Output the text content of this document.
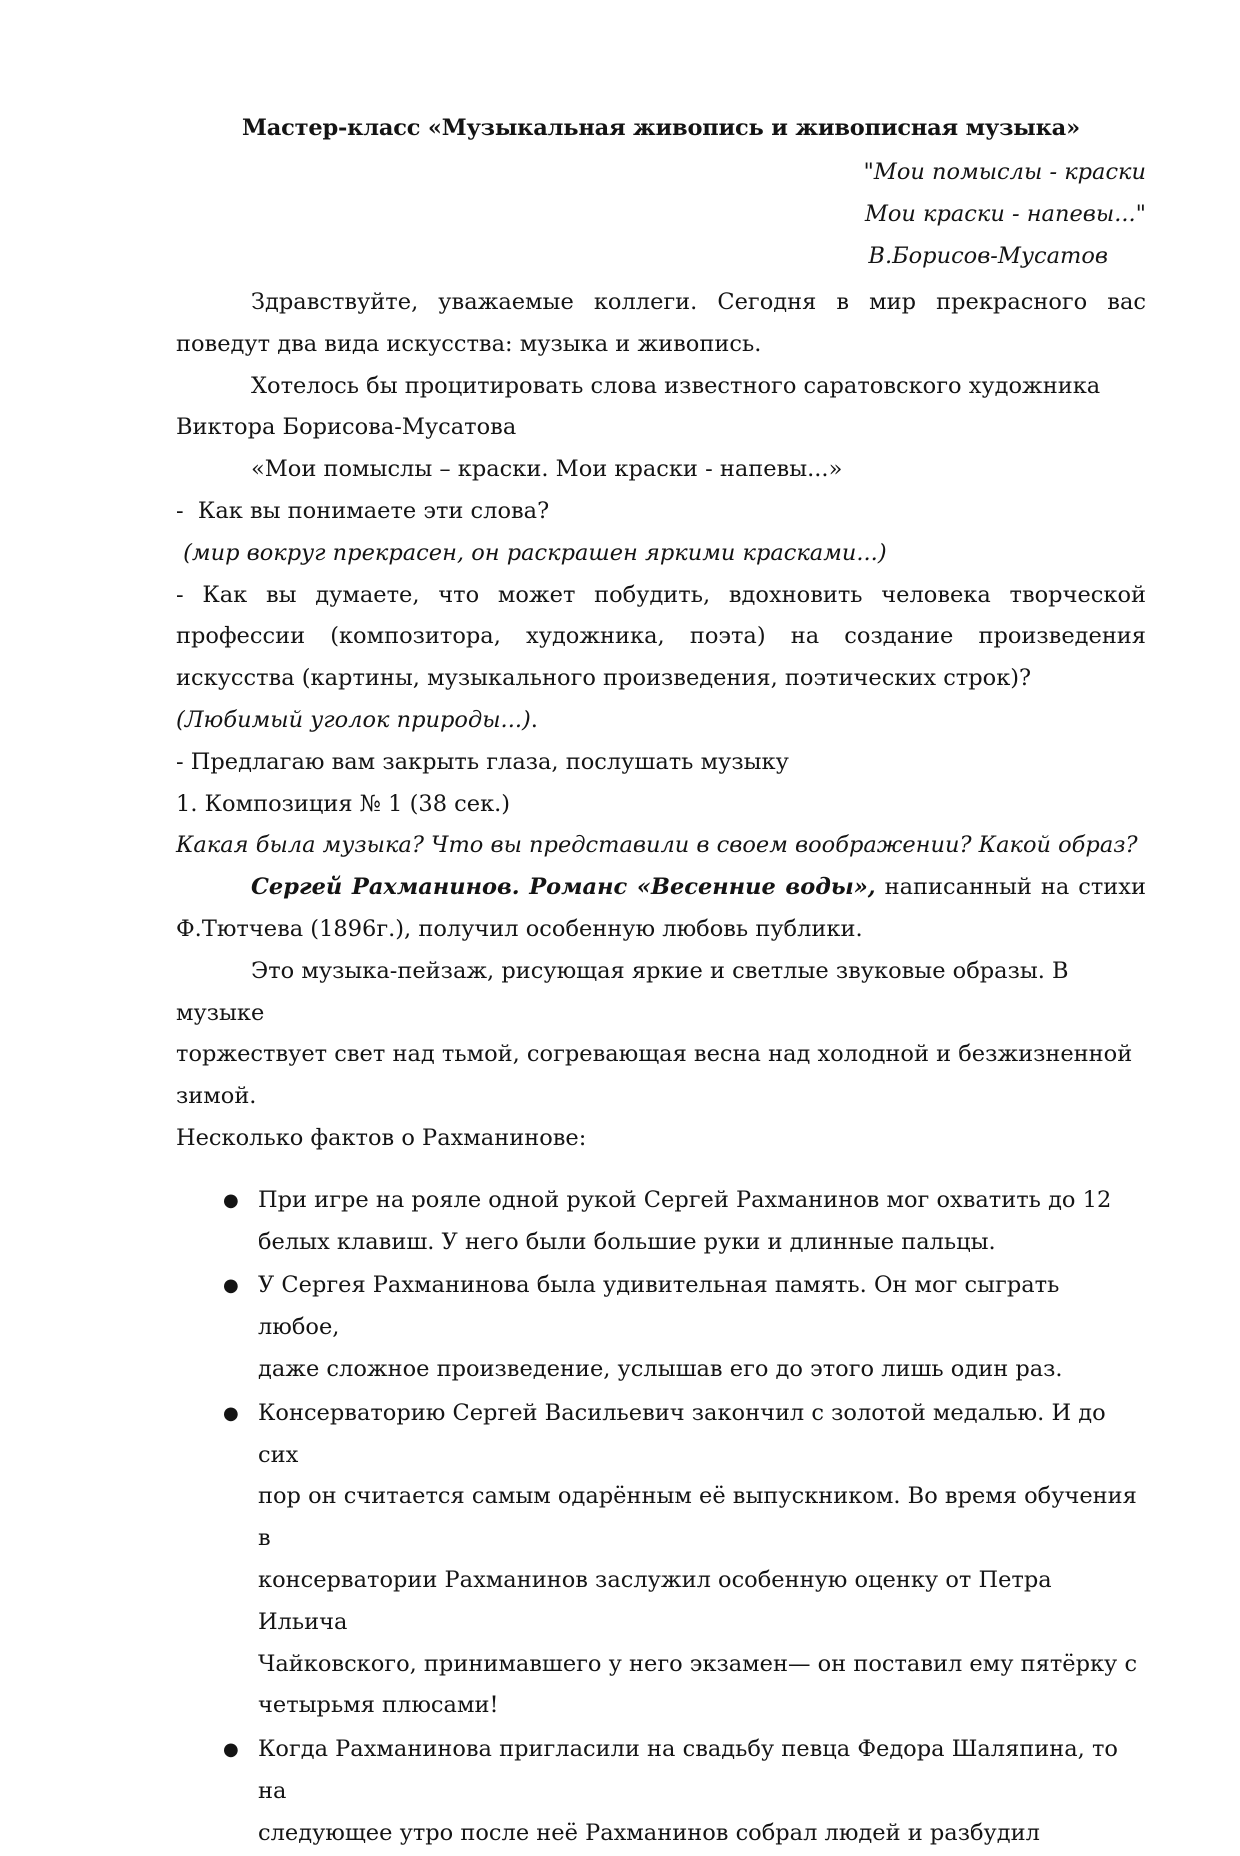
Мастер-класс «Музыкальная живопись и живописная музыка»
"Мои помыслы - краски
Мои краски - напевы..."
В.Борисов-Мусатов

Здравствуйте, уважаемые коллеги. Сегодня в мир прекрасного вас поведут два вида искусства: музыка и живопись.

Хотелось бы процитировать слова известного саратовского художника

Виктора Борисова-Мусатова

«Мои помыслы – краски. Мои краски - напевы...»

-  Как вы понимаете эти слова?

(мир вокруг прекрасен, он раскрашен яркими красками...)

- Как вы думаете, что может побудить, вдохновить человека творческой профессии (композитора, художника, поэта) на создание произведения искусства (картины, музыкального произведения, поэтических строк)?

(Любимый уголок природы...).

- Предлагаю вам закрыть глаза, послушать музыку

1. Композиция № 1 (38 сек.)

Какая была музыка? Что вы представили в своем воображении? Какой образ?

Сергей Рахманинов. Романс «Весенние воды», написанный на стихи Ф.Тютчева (1896г.), получил особенную любовь публики.

Это музыка-пейзаж, рисующая яркие и светлые звуковые образы. В музыке

торжествует свет над тьмой, согревающая весна над холодной и безжизненной

зимой.

Несколько фактов о Рахманинове:

● При игре на рояле одной рукой Сергей Рахманинов мог охватить до 12
белых клавиш. У него были большие руки и длинные пальцы.
● У Сергея Рахманинова была удивительная память. Он мог сыграть любое,
даже сложное произведение, услышав его до этого лишь один раз.
● Консерваторию Сергей Васильевич закончил с золотой медалью. И до сих
пор он считается самым одарённым её выпускником. Во время обучения в
консерватории Рахманинов заслужил особенную оценку от Петра Ильича
Чайковского, принимавшего у него экзамен— он поставил ему пятёрку с
четырьмя плюсами!
● Когда Рахманинова пригласили на свадьбу певца Федора Шаляпина, то на
следующее утро после неё Рахманинов собрал людей и разбудил
